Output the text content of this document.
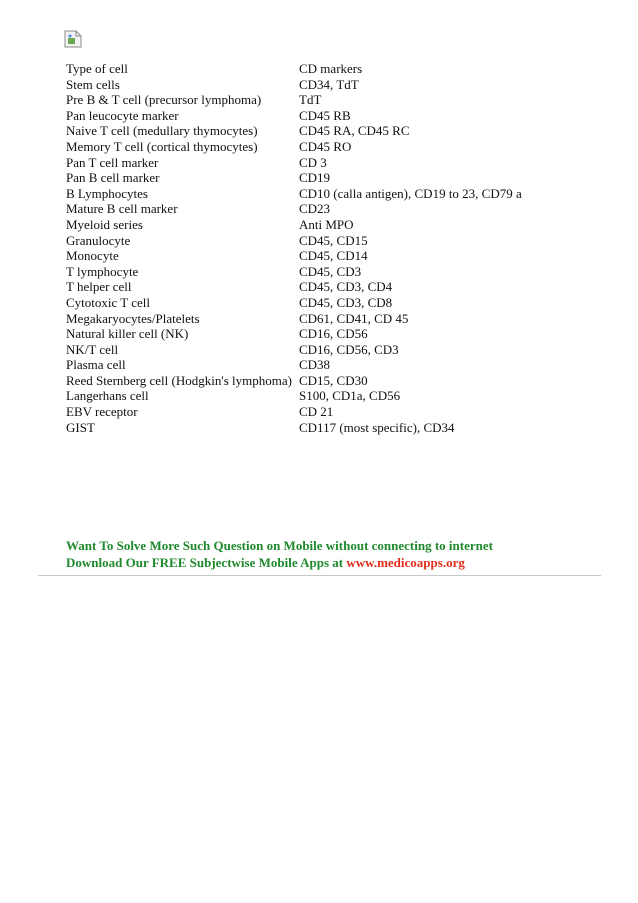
Type of cell	CD markers
Stem cells	CD34, TdT
Pre B & T cell (precursor lymphoma)	TdT
Pan leucocyte marker	CD45 RB
Naive T cell (medullary thymocytes)	CD45 RA, CD45 RC
Memory T cell (cortical thymocytes)	CD45 RO
Pan T cell marker	CD 3
Pan B cell marker	CD19
B Lymphocytes	CD10 (calla antigen), CD19 to 23, CD79 a
Mature B cell marker	CD23
Myeloid series	Anti MPO
Granulocyte	CD45, CD15
Monocyte	CD45, CD14
T lymphocyte	CD45, CD3
T helper cell	CD45, CD3, CD4
Cytotoxic T cell	CD45, CD3, CD8
Megakaryocytes/Platelets	CD61, CD41, CD 45
Natural killer cell (NK)	CD16, CD56
NK/T cell	CD16, CD56, CD3
Plasma cell	CD38
Reed Sternberg cell (Hodgkin's lymphoma) CD15, CD30
Langerhans cell	S100, CD1a, CD56
EBV receptor	CD 21
GIST	CD117 (most specific), CD34
Want To Solve More Such Question on Mobile without connecting to internet
Download Our FREE Subjectwise Mobile Apps at www.medicoapps.org
